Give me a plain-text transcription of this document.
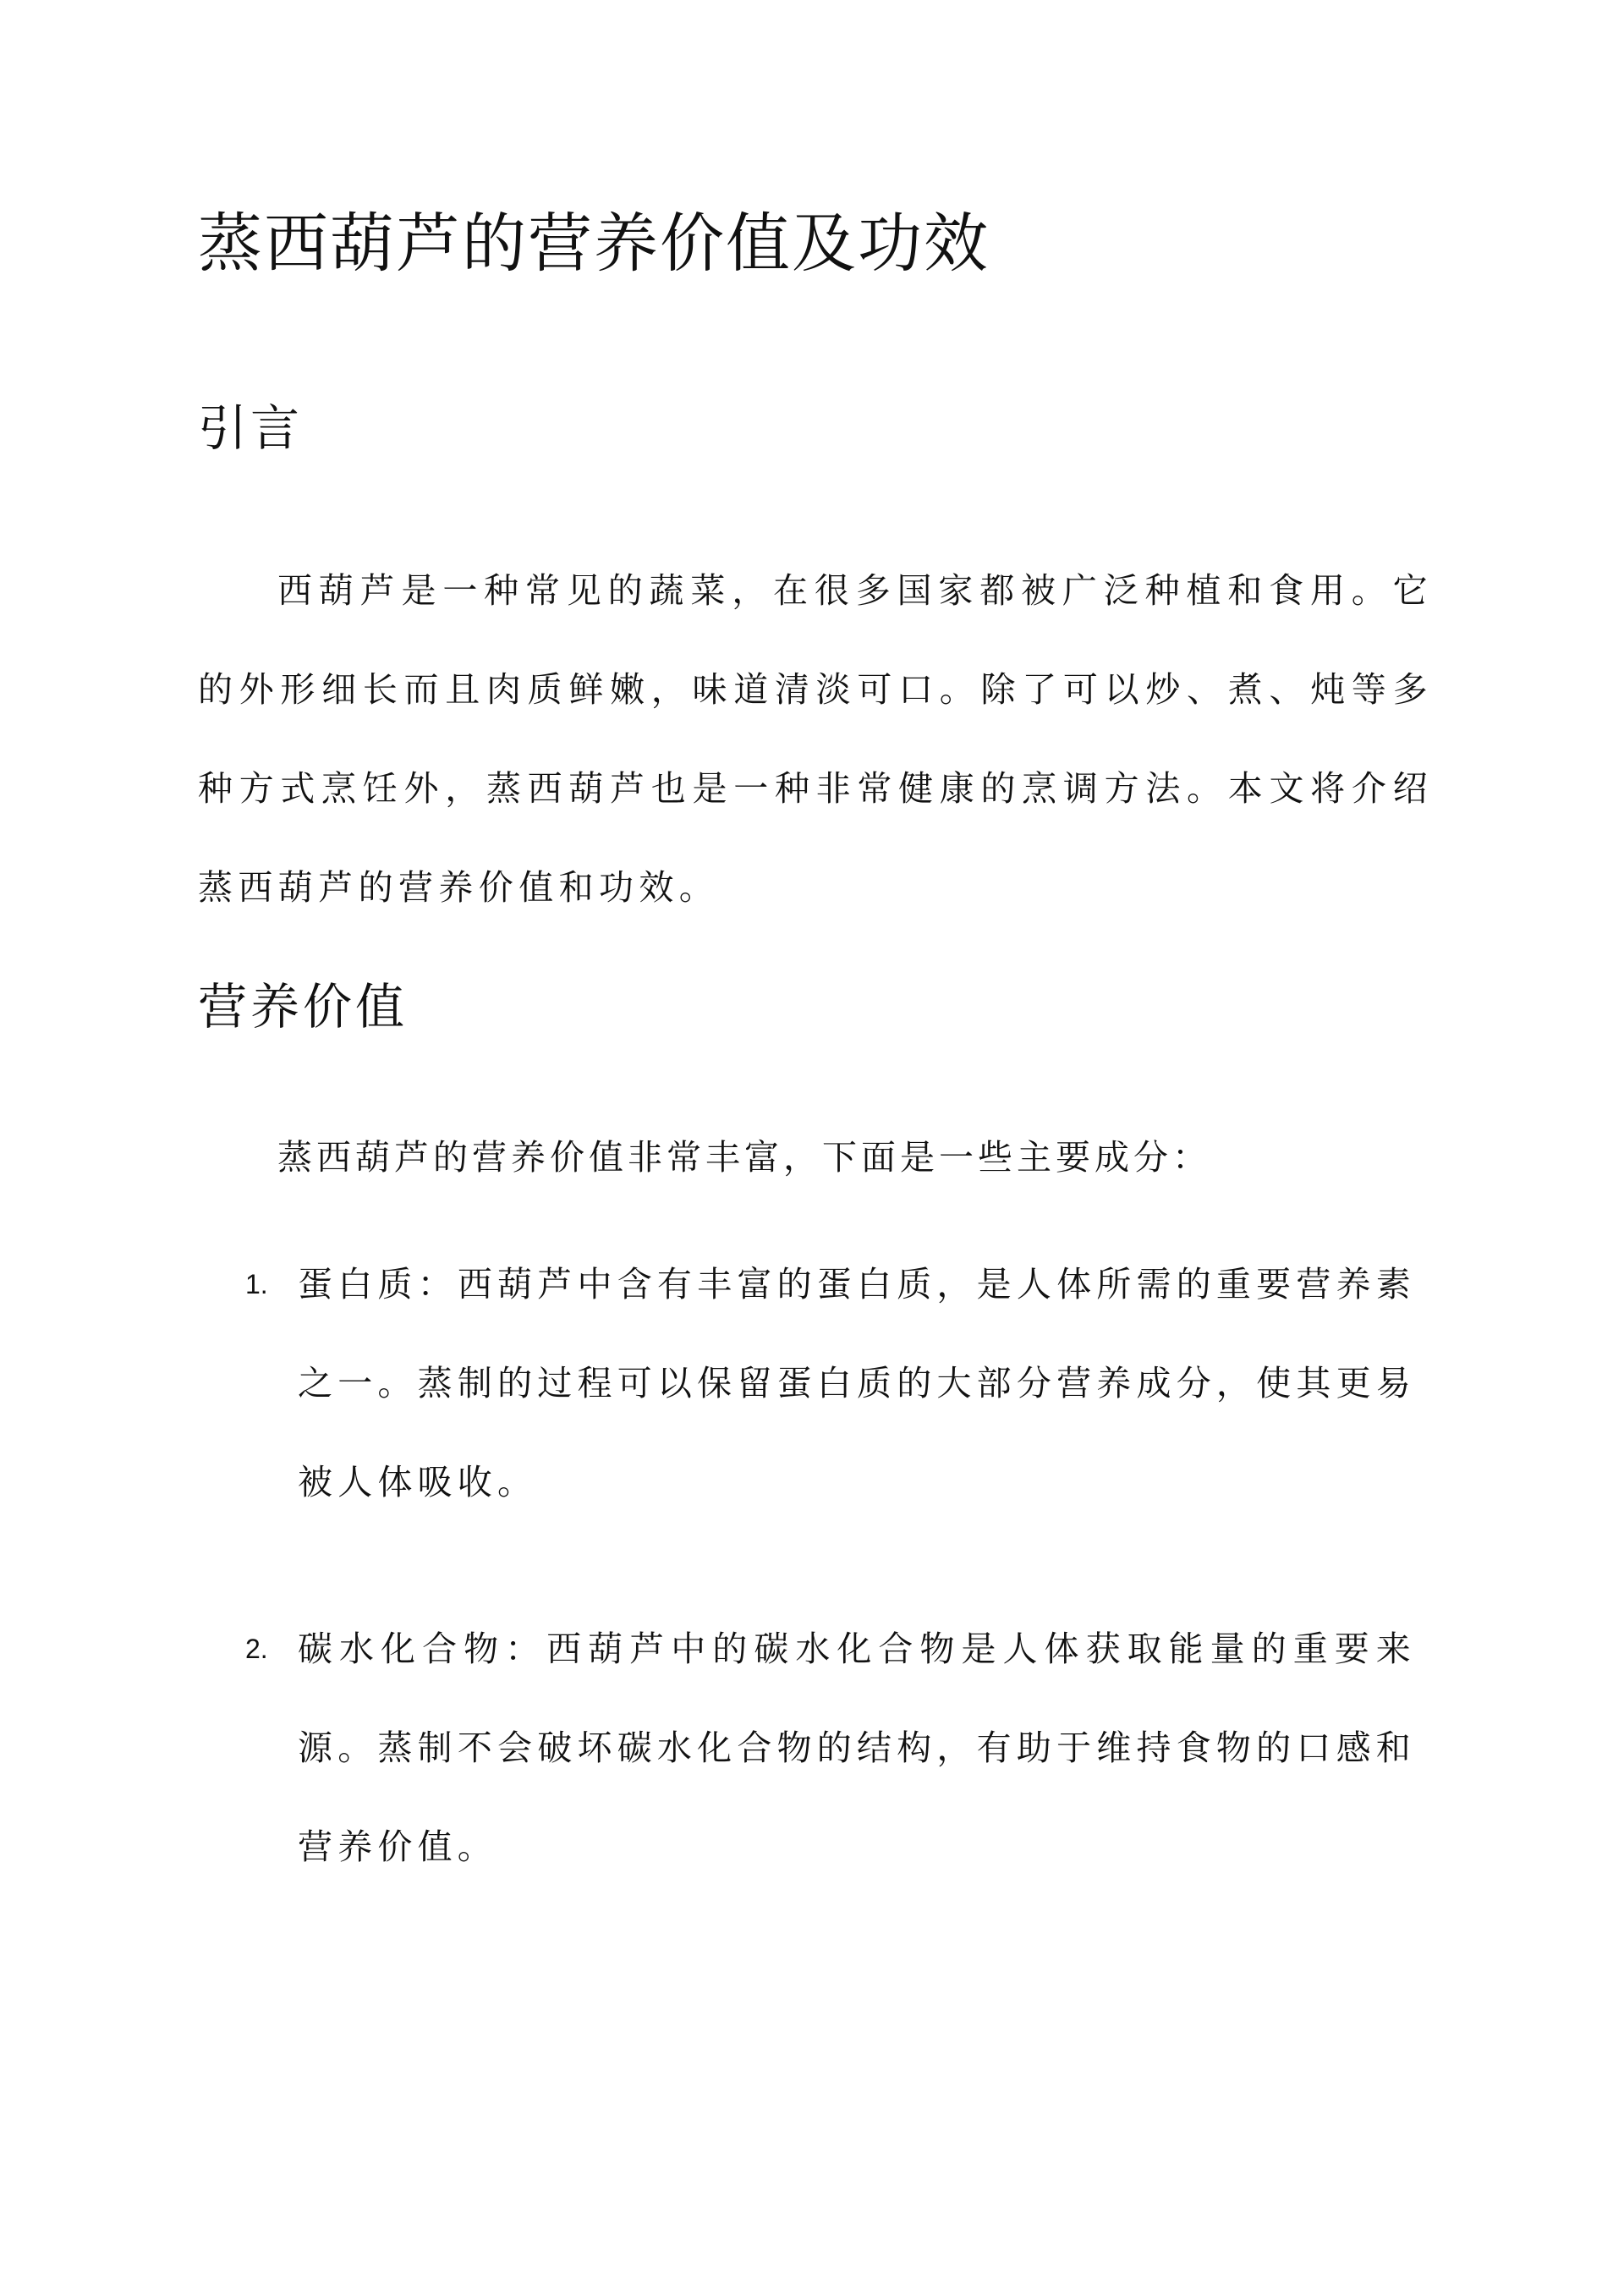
蒸西葫芦的营养价值及功效
引言

西葫芦是一种常见的蔬菜，在很多国家都被广泛种植和食用。它的外形细长而且肉质鲜嫩，味道清淡可口。除了可以炒、煮、炖等多种方式烹饪外，蒸西葫芦也是一种非常健康的烹调方法。本文将介绍蒸西葫芦的营养价值和功效。

营养价值

蒸西葫芦的营养价值非常丰富，下面是一些主要成分：

1. 蛋白质：西葫芦中含有丰富的蛋白质，是人体所需的重要营养素之一。蒸制的过程可以保留蛋白质的大部分营养成分，使其更易被人体吸收。
2. 碳水化合物：西葫芦中的碳水化合物是人体获取能量的重要来源。蒸制不会破坏碳水化合物的结构，有助于维持食物的口感和营养价值。
